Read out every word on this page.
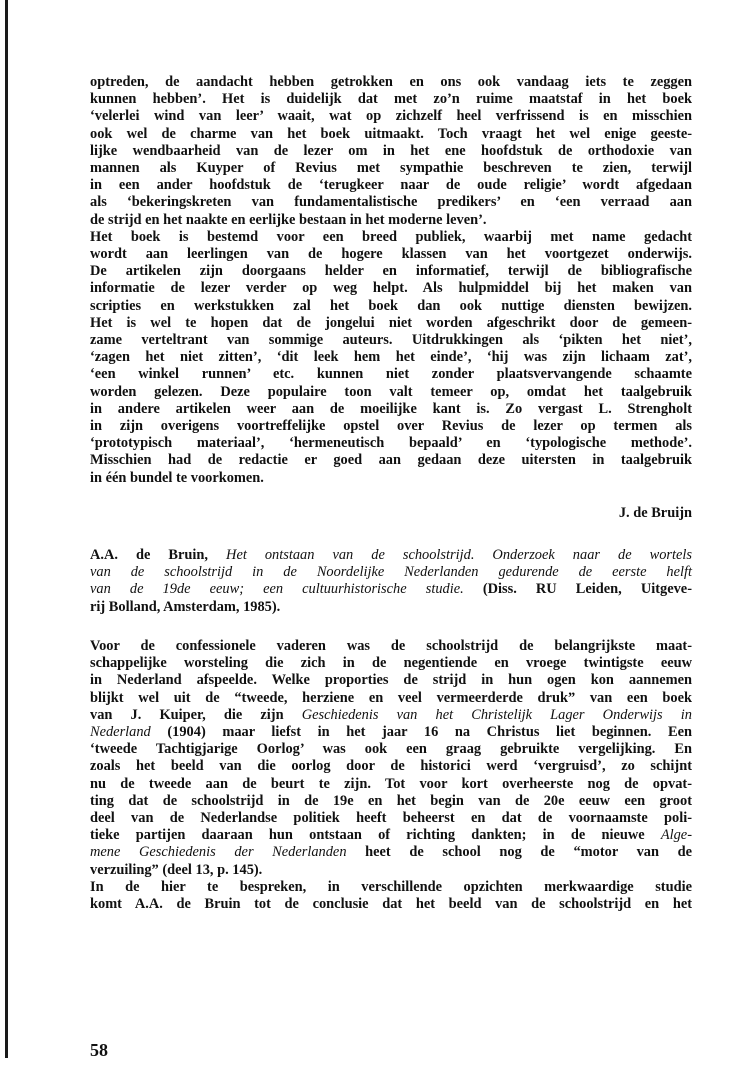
optreden, de aandacht hebben getrokken en ons ook vandaag iets te zeggen
kunnen hebben’. Het is duidelijk dat met zo’n ruime maatstaf in het boek
‘velerlei wind van leer’ waait, wat op zichzelf heel verfrissend is en misschien
ook wel de charme van het boek uitmaakt. Toch vraagt het wel enige geeste-
lijke wendbaarheid van de lezer om in het ene hoofdstuk de orthodoxie van
mannen als Kuyper of Revius met sympathie beschreven te zien, terwijl
in een ander hoofdstuk de ‘terugkeer naar de oude religie’ wordt afgedaan
als ‘bekeringskreten van fundamentalistische predikers’ en ‘een verraad aan
de strijd en het naakte en eerlijke bestaan in het moderne leven’.

Het boek is bestemd voor een breed publiek, waarbij met name gedacht
wordt aan leerlingen van de hogere klassen van het voortgezet onderwijs.
De artikelen zijn doorgaans helder en informatief, terwijl de bibliografische
informatie de lezer verder op weg helpt. Als hulpmiddel bij het maken van
scripties en werkstukken zal het boek dan ook nuttige diensten bewijzen.
Het is wel te hopen dat de jongelui niet worden afgeschrikt door de gemeen-
zame verteltrant van sommige auteurs. Uitdrukkingen als ‘pikten het niet’,
‘zagen het niet zitten’, ‘dit leek hem het einde’, ‘hij was zijn lichaam zat’,
‘een winkel runnen’ etc. kunnen niet zonder plaatsvervangende schaamte
worden gelezen. Deze populaire toon valt temeer op, omdat het taalgebruik
in andere artikelen weer aan de moeilijke kant is. Zo vergast L. Strengholt
in zijn overigens voortreffelijke opstel over Revius de lezer op termen als
‘prototypisch materiaal’, ‘hermeneutisch bepaald’ en ‘typologische methode’.
Misschien had de redactie er goed aan gedaan deze uitersten in taalgebruik
in één bundel te voorkomen.

J. de Bruijn

A.A. de Bruin, Het ontstaan van de schoolstrijd. Onderzoek naar de wortels
van de schoolstrijd in de Noordelijke Nederlanden gedurende de eerste helft
van de 19de eeuw; een cultuurhistorische studie. (Diss. RU Leiden, Uitgeve-
rij Bolland, Amsterdam, 1985).

Voor de confessionele vaderen was de schoolstrijd de belangrijkste maat-
schappelijke worsteling die zich in de negentiende en vroege twintigste eeuw
in Nederland afspeelde. Welke proporties de strijd in hun ogen kon aannemen
blijkt wel uit de “tweede, herziene en veel vermeerderde druk” van een boek
van J. Kuiper, die zijn Geschiedenis van het Christelijk Lager Onderwijs in
Nederland (1904) maar liefst in het jaar 16 na Christus liet beginnen. Een
‘tweede Tachtigjarige Oorlog’ was ook een graag gebruikte vergelijking. En
zoals het beeld van die oorlog door de historici werd ‘vergruisd’, zo schijnt
nu de tweede aan de beurt te zijn. Tot voor kort overheerste nog de opvat-
ting dat de schoolstrijd in de 19e en het begin van de 20e eeuw een groot
deel van de Nederlandse politiek heeft beheerst en dat de voornaamste poli-
tieke partijen daaraan hun ontstaan of richting dankten; in de nieuwe Alge-
mene Geschiedenis der Nederlanden heet de school nog de “motor van de
verzuiling” (deel 13, p. 145).

In de hier te bespreken, in verschillende opzichten merkwaardige studie
komt A.A. de Bruin tot de conclusie dat het beeld van de schoolstrijd en het

58
